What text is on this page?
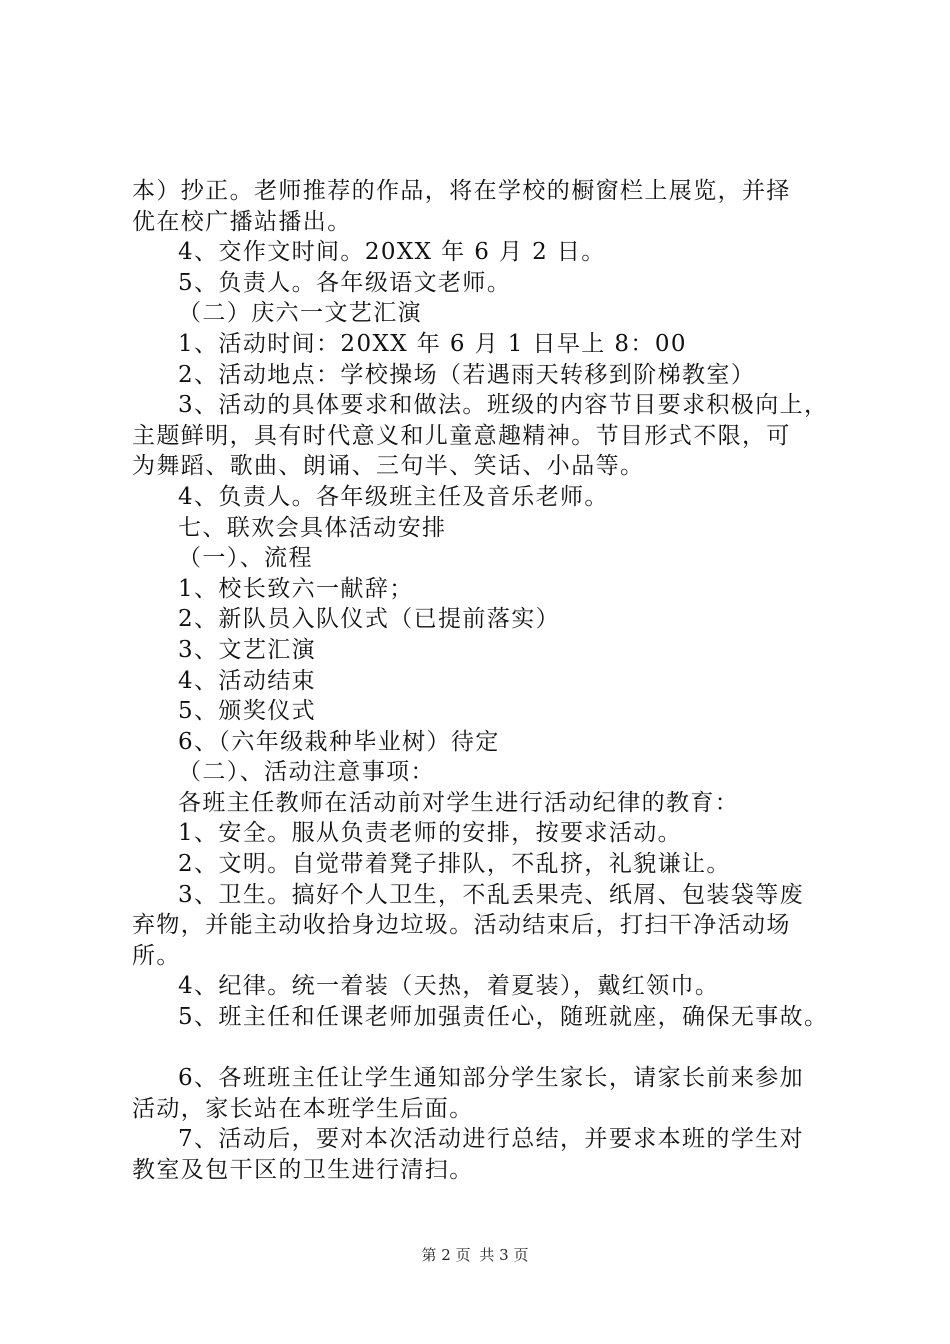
本）抄正。老师推荐的作品，将在学校的橱窗栏上展览，并择
优在校广播站播出。
4、交作文时间。20XX 年 6 月 2 日。
5、负责人。各年级语文老师。
（二）庆六一文艺汇演
1、活动时间：20XX 年 6 月 1 日早上 8：00
2、活动地点：学校操场（若遇雨天转移到阶梯教室）
3、活动的具体要求和做法。班级的内容节目要求积极向上，
主题鲜明，具有时代意义和儿童意趣精神。节目形式不限，可
为舞蹈、歌曲、朗诵、三句半、笑话、小品等。
4、负责人。各年级班主任及音乐老师。
七、联欢会具体活动安排
（一）、流程
1、校长致六一献辞；
2、新队员入队仪式（已提前落实）
3、文艺汇演
4、活动结束
5、颁奖仪式
6、（六年级栽种毕业树）待定
（二）、活动注意事项：
各班主任教师在活动前对学生进行活动纪律的教育：
1、安全。服从负责老师的安排，按要求活动。
2、文明。自觉带着凳子排队，不乱挤，礼貌谦让。
3、卫生。搞好个人卫生，不乱丢果壳、纸屑、包装袋等废
弃物，并能主动收拾身边垃圾。活动结束后，打扫干净活动场
所。
4、纪律。统一着装（天热，着夏装），戴红领巾。
5、班主任和任课老师加强责任心，随班就座，确保无事故。
6、各班班主任让学生通知部分学生家长，请家长前来参加
活动，家长站在本班学生后面。
7、活动后，要对本次活动进行总结，并要求本班的学生对
教室及包干区的卫生进行清扫。
第 2 页 共 3 页
